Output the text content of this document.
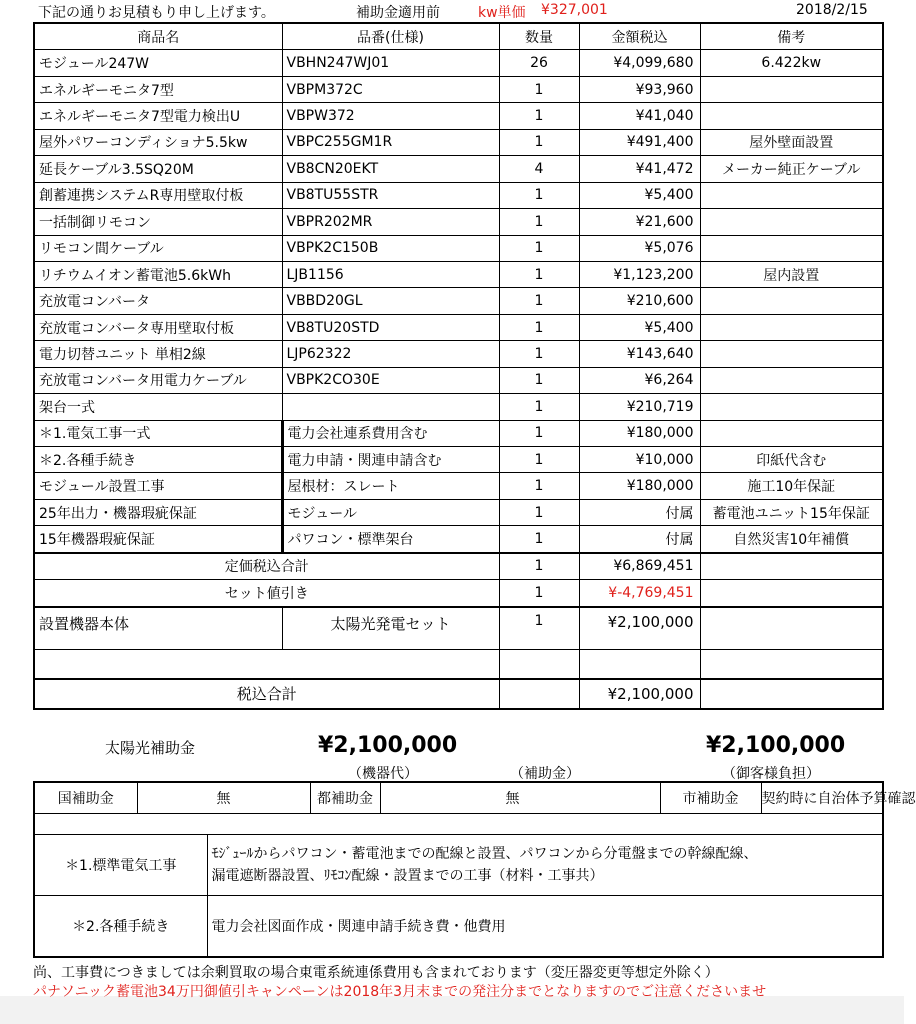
下記の通りお見積もり申し上げます。	補助金適用前	kw単価 ¥327,001	2018/2/15
商品名	品番(仕様)	数量	金額税込	備考
モジュール247W	VBHN247WJ01	26	¥4,099,680	6.422kw
エネルギーモニタ7型	VBPM372C	1	¥93,960	
エネルギーモニタ7型電力検出U	VBPW372	1	¥41,040	
屋外パワーコンディショナ5.5kw	VBPC255GM1R	1	¥491,400	屋外壁面設置
延長ケーブル3.5SQ20M	VB8CN20EKT	4	¥41,472	メーカー純正ケーブル
創蓄連携システムR専用壁取付板	VB8TU55STR	1	¥5,400	
一括制御リモコン	VBPR202MR	1	¥21,600	
リモコン間ケーブル	VBPK2C150B	1	¥5,076	
リチウムイオン蓄電池5.6kWh	LJB1156	1	¥1,123,200	屋内設置
充放電コンバータ	VBBD20GL	1	¥210,600	
充放電コンバータ専用壁取付板	VB8TU20STD	1	¥5,400	
電力切替ユニット 単相2線	LJP62322	1	¥143,640	
充放電コンバータ用電力ケーブル	VBPK2CO30E	1	¥6,264	
架台一式		1	¥210,719	
＊1.電気工事一式	電力会社連系費用含む	1	¥180,000	
＊2.各種手続き	電力申請・関連申請含む	1	¥10,000	印紙代含む
モジュール設置工事	屋根材：スレート	1	¥180,000	施工10年保証
25年出力・機器瑕疵保証	モジュール	1	付属	蓄電池ユニット15年保証
15年機器瑕疵保証	パワコン・標準架台	1	付属	自然災害10年補償
定価税込合計		1	¥6,869,451	
セット値引き		1	¥-4,769,451	
設置機器本体	太陽光発電セット	1	¥2,100,000	

税込合計			¥2,100,000	
太陽光補助金	¥2,100,000
（機器代）	（補助金）
¥2,100,000
（御客様負担）
国補助金	無		都補助金	無	市補助金	契約時に自治体予算確認

＊1.標準電気工事		ﾓｼﾞｭｰﾙからパワコン・蓄電池までの配線と設置、パワコンから分電盤までの幹線配線、
漏電遮断器設置、ﾘﾓｺﾝ配線・設置までの工事（材料・工事共）				

＊2.各種手続き		電力会社図面作成・関連申請手続き費・他費用				
尚、工事費につきましては余剰買取の場合東電系統連係費用も含まれております（変圧器変更等想定外除く）
パナソニック蓄電池34万円御値引キャンペーンは2018年3月末までの発注分までとなりますのでご注意くださいませ
